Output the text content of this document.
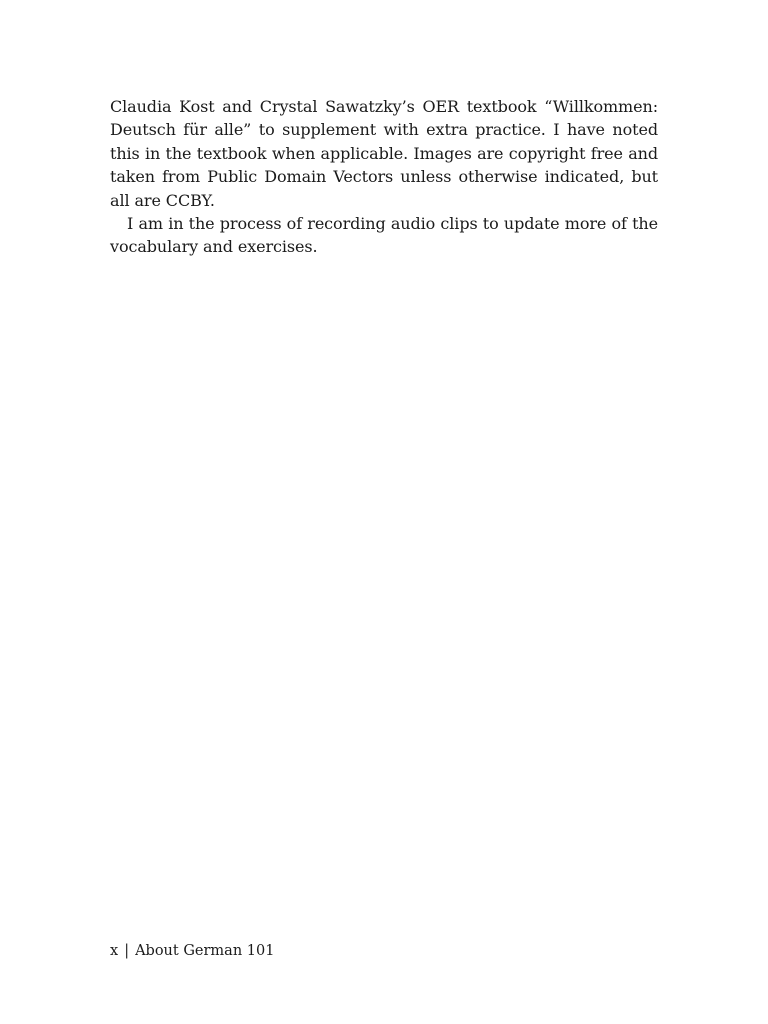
Claudia Kost and Crystal Sawatzky’s OER textbook “Willkommen: Deutsch für alle” to supplement with extra practice. I have noted this in the textbook when applicable. Images are copyright free and taken from Public Domain Vectors unless otherwise indicated, but all are CCBY.

I am in the process of recording audio clips to update more of the vocabulary and exercises.

x | About German 101
